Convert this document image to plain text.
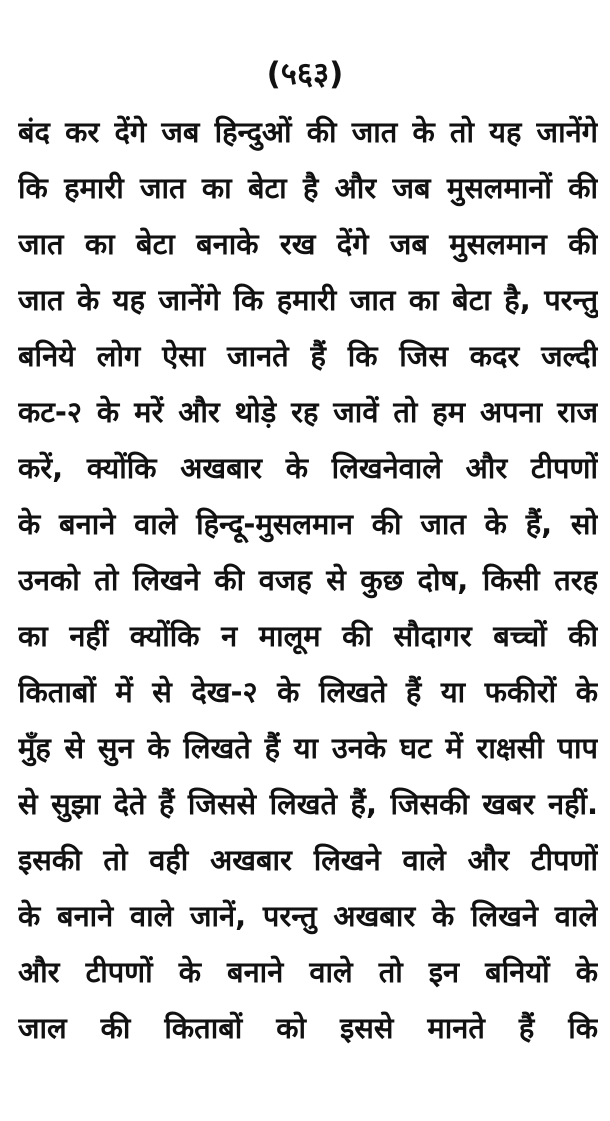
(५६३)
बंद कर देंगे जब हिन्दुओं की जात के तो यह जानेंगे
कि हमारी जात का बेटा है और जब मुसलमानों की
जात का बेटा बनाके रख देंगे जब मुसलमान की
जात के यह जानेंगे कि हमारी जात का बेटा है, परन्तु
बनिये लोग ऐसा जानते हैं कि जिस कदर जल्दी
कट-२ के मरें और थोड़े रह जावें तो हम अपना राज
करें, क्योंकि अखबार के लिखनेवाले और टीपणों
के बनाने वाले हिन्दू-मुसलमान की जात के हैं, सो
उनको तो लिखने की वजह से कुछ दोष, किसी तरह
का नहीं क्योंकि न मालूम की सौदागर बच्चों की
किताबों में से देख-२ के लिखते हैं या फकीरों के
मुँह से सुन के लिखते हैं या उनके घट में राक्षसी पाप
से सुझा देते हैं जिससे लिखते हैं, जिसकी खबर नहीं.
इसकी तो वही अखबार लिखने वाले और टीपणों
के बनाने वाले जानें, परन्तु अखबार के लिखने वाले
और टीपणों के बनाने वाले तो इन बनियों के
जाल की किताबों को इससे मानते हैं कि
